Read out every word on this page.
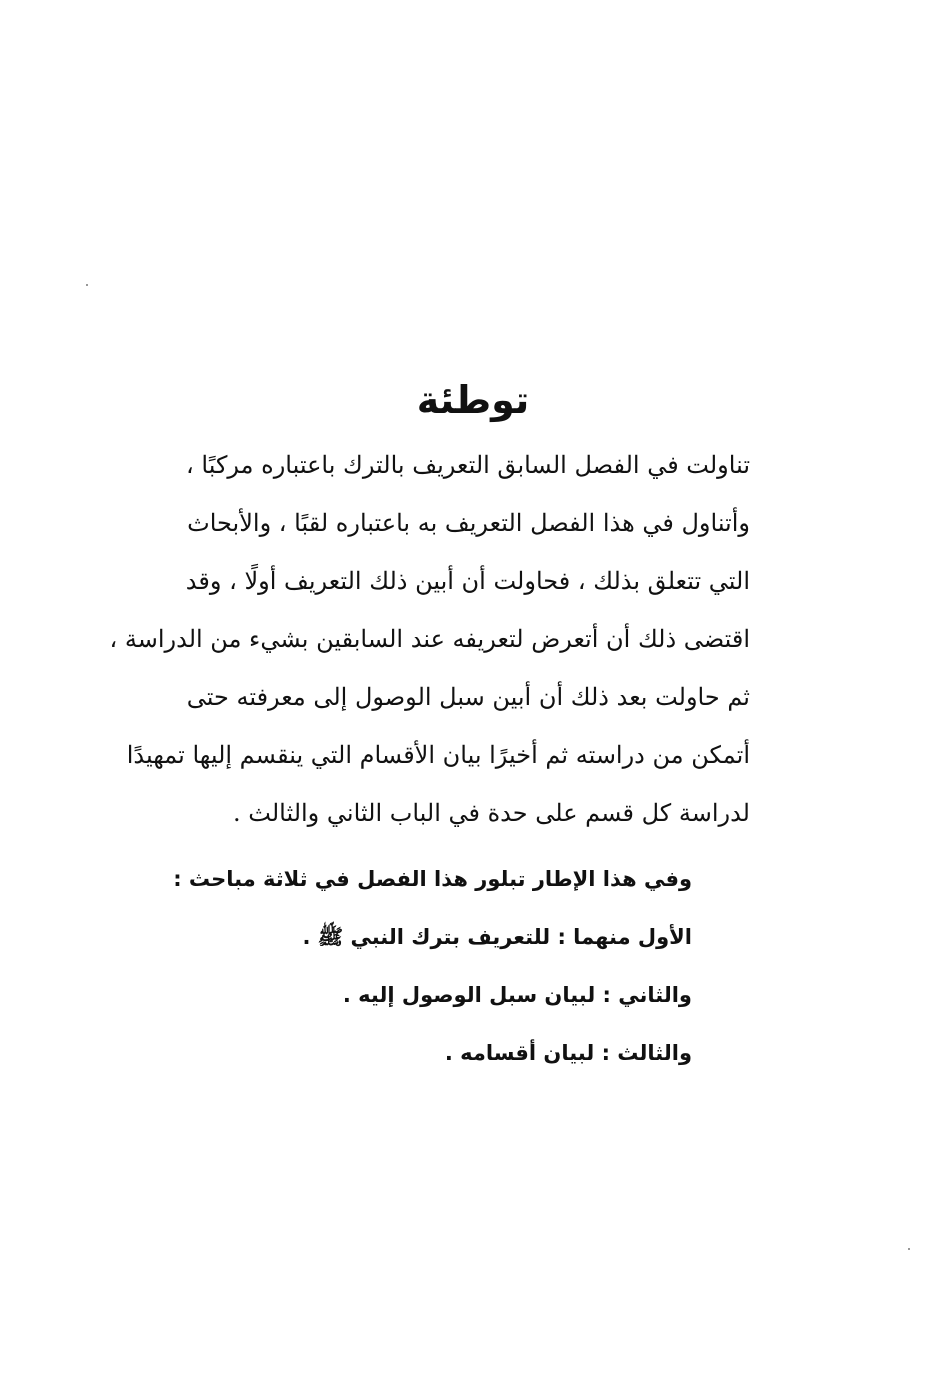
توطئة
تناولت في الفصل السابق التعريف بالترك باعتباره مركبًا ،
وأتناول في هذا الفصل التعريف به باعتباره لقبًا ، والأبحاث
التي تتعلق بذلك ، فحاولت أن أبين ذلك التعريف أولًا ، وقد
اقتضى ذلك أن أتعرض لتعريفه عند السابقين بشيء من الدراسة ،
ثم حاولت بعد ذلك أن أبين سبل الوصول إلى معرفته حتى
أتمكن من دراسته ثم أخيرًا بيان الأقسام التي ينقسم إليها تمهيدًا
لدراسة كل قسم على حدة في الباب الثاني والثالث .
وفي هذا الإطار تبلور هذا الفصل في ثلاثة مباحث :
الأول منهما : للتعريف بترك النبي ﷺ .
والثاني : لبيان سبل الوصول إليه .
والثالث : لبيان أقسامه .
